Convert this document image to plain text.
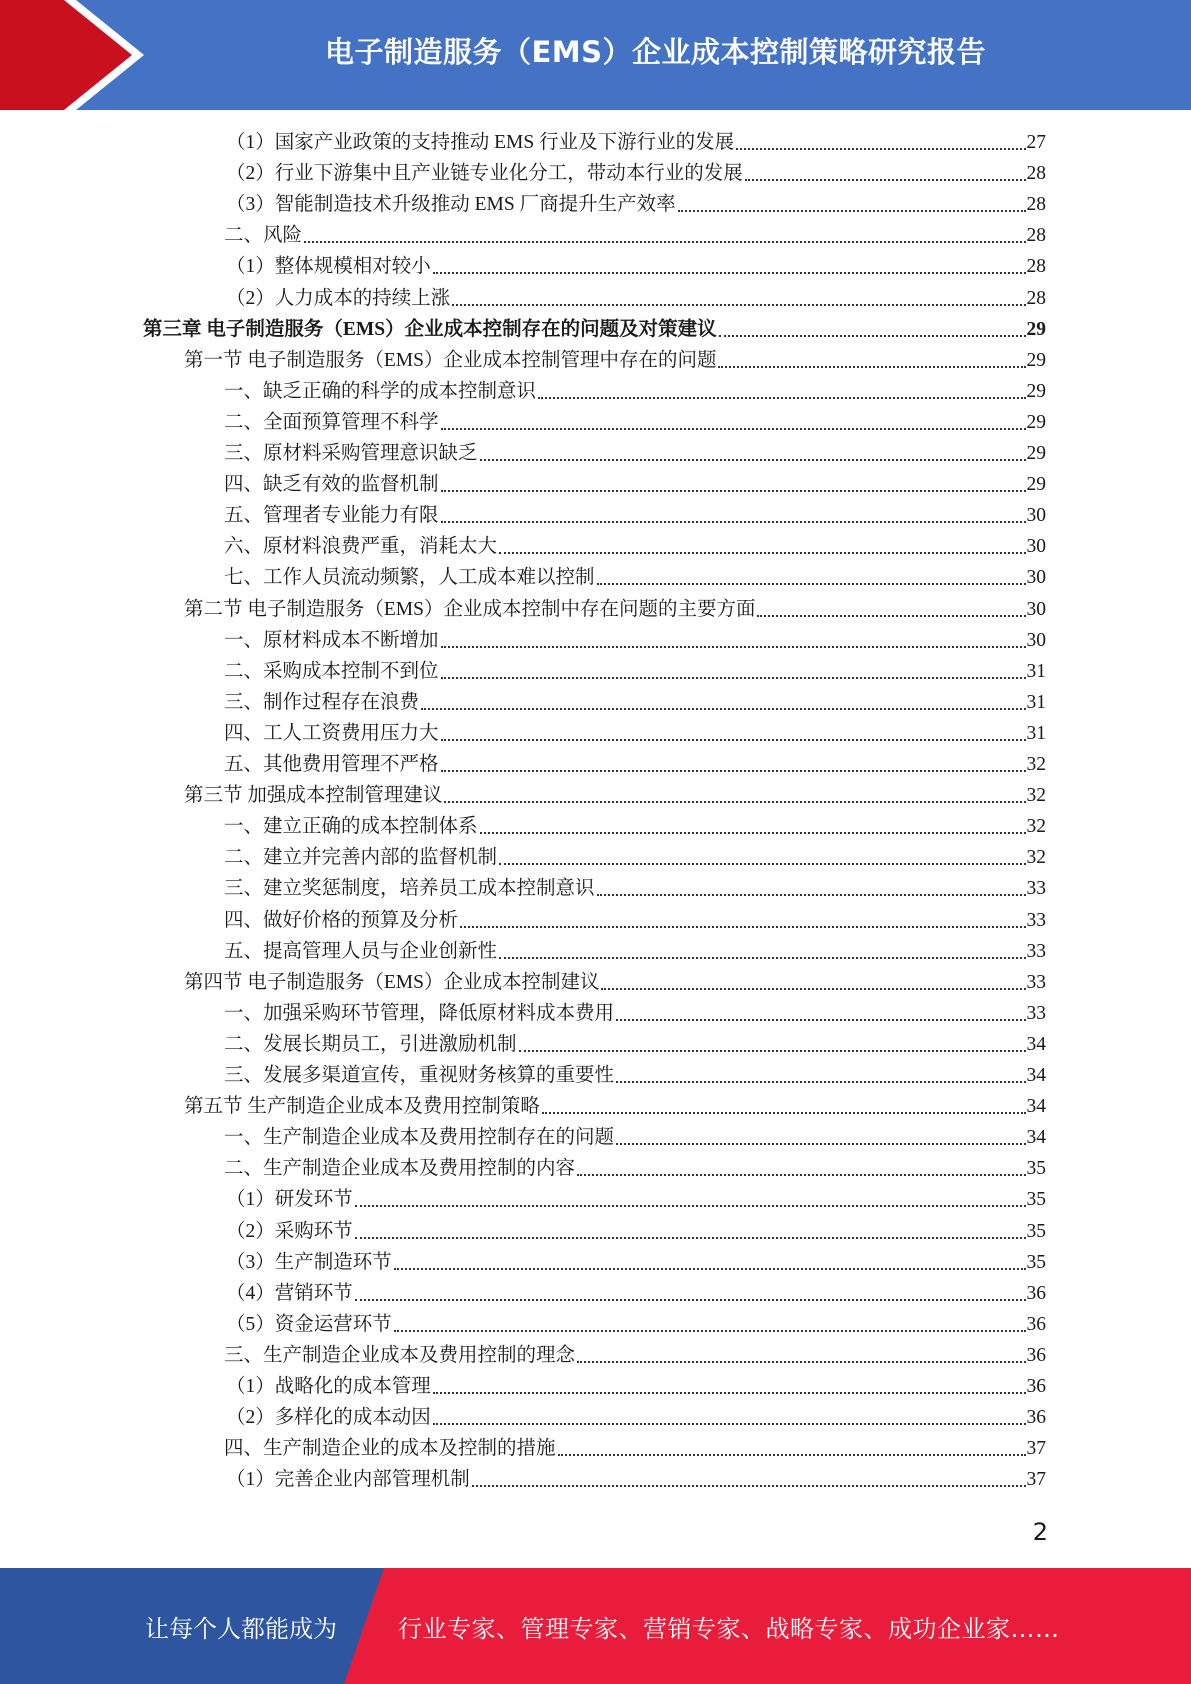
电子制造服务（EMS）企业成本控制策略研究报告
（1）国家产业政策的支持推动 EMS 行业及下游行业的发展	27
（2）行业下游集中且产业链专业化分工，带动本行业的发展	28
（3）智能制造技术升级推动 EMS 厂商提升生产效率	28
二、风险	28
（1）整体规模相对较小	28
（2）人力成本的持续上涨	28
第三章 电子制造服务（EMS）企业成本控制存在的问题及对策建议	29
第一节 电子制造服务（EMS）企业成本控制管理中存在的问题	29
一、缺乏正确的科学的成本控制意识	29
二、全面预算管理不科学	29
三、原材料采购管理意识缺乏	29
四、缺乏有效的监督机制	29
五、管理者专业能力有限	30
六、原材料浪费严重，消耗太大	30
七、工作人员流动频繁，人工成本难以控制	30
第二节 电子制造服务（EMS）企业成本控制中存在问题的主要方面	30
一、原材料成本不断增加	30
二、采购成本控制不到位	31
三、制作过程存在浪费	31
四、工人工资费用压力大	31
五、其他费用管理不严格	32
第三节 加强成本控制管理建议	32
一、建立正确的成本控制体系	32
二、建立并完善内部的监督机制	32
三、建立奖惩制度，培养员工成本控制意识	33
四、做好价格的预算及分析	33
五、提高管理人员与企业创新性	33
第四节 电子制造服务（EMS）企业成本控制建议	33
一、加强采购环节管理，降低原材料成本费用	33
二、发展长期员工，引进激励机制	34
三、发展多渠道宣传，重视财务核算的重要性	34
第五节 生产制造企业成本及费用控制策略	34
一、生产制造企业成本及费用控制存在的问题	34
二、生产制造企业成本及费用控制的内容	35
（1）研发环节	35
（2）采购环节	35
（3）生产制造环节	35
（4）营销环节	36
（5）资金运营环节	36
三、生产制造企业成本及费用控制的理念	36
（1）战略化的成本管理	36
（2）多样化的成本动因	36
四、生产制造企业的成本及控制的措施	37
（1）完善企业内部管理机制	37
2
让每个人都能成为	行业专家、管理专家、营销专家、战略专家、成功企业家……
